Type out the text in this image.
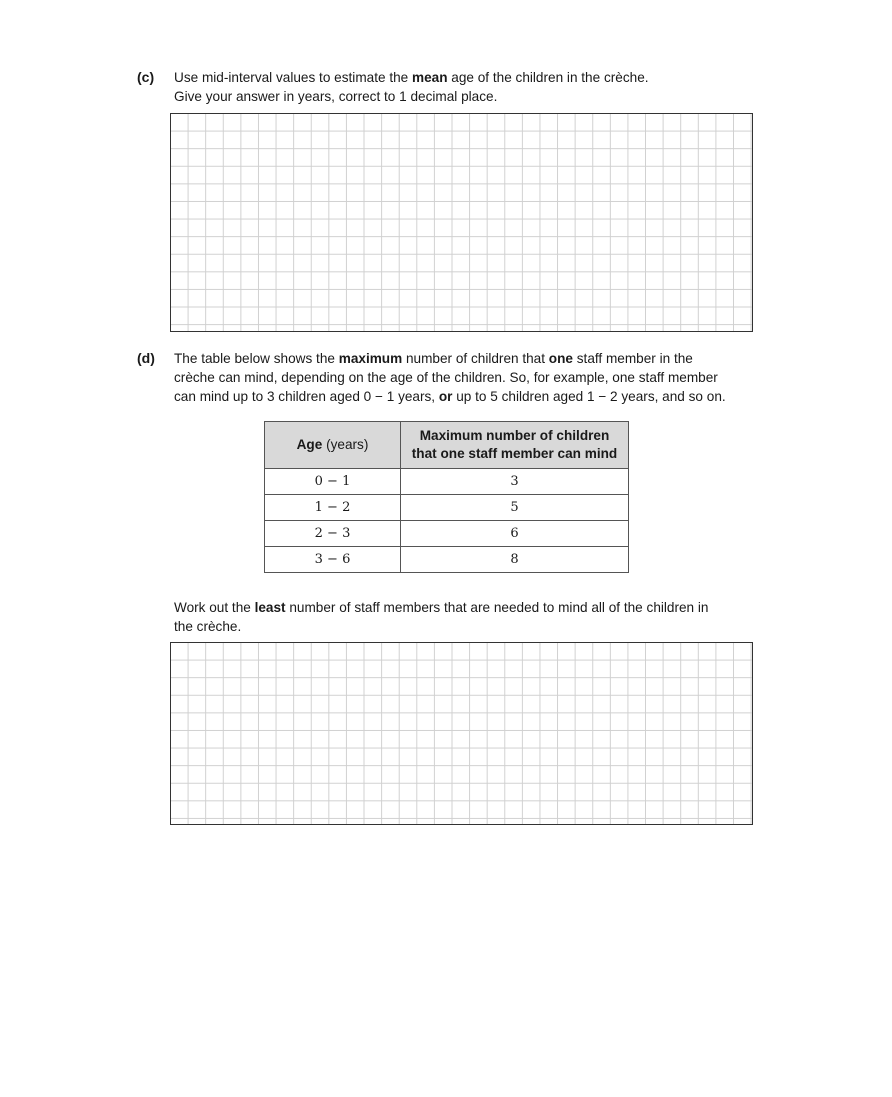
(c) Use mid-interval values to estimate the mean age of the children in the crèche.
Give your answer in years, correct to 1 decimal place.
(d) The table below shows the maximum number of children that one staff member in the
crèche can mind, depending on the age of the children. So, for example, one staff member
can mind up to 3 children aged 0 − 1 years, or up to 5 children aged 1 − 2 years, and so on.
Age (years)	Maximum number of children
that one staff member can mind

0 − 1	3
1 − 2	5
2 − 3	6
3 − 6	8
Work out the least number of staff members that are needed to mind all of the children in
the crèche.
